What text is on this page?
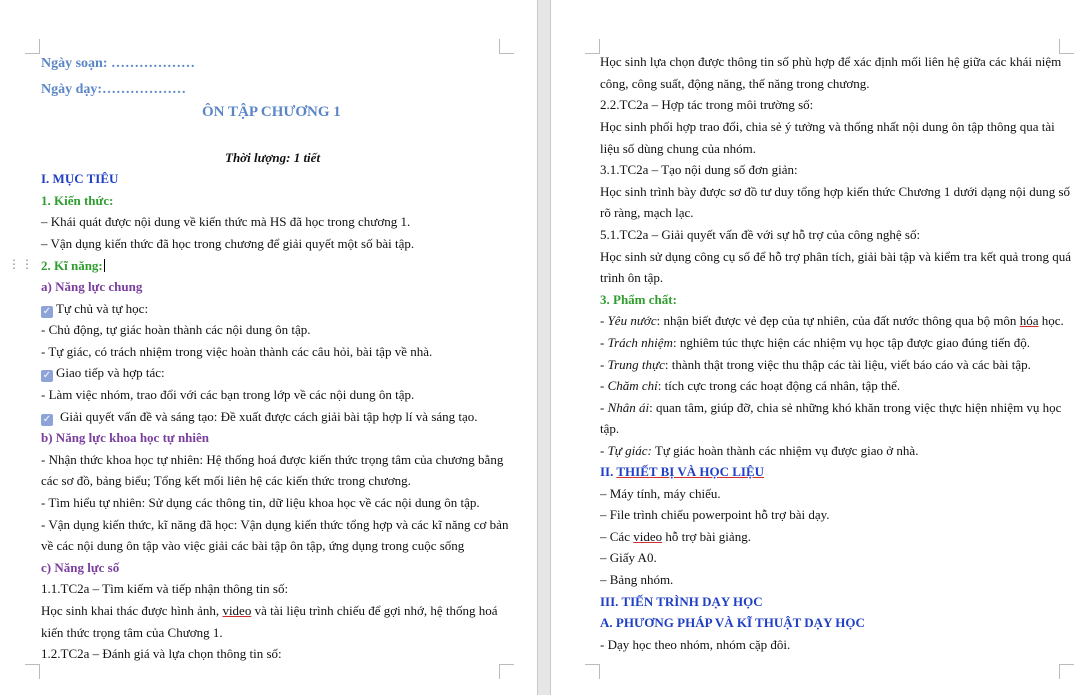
⋮⋮
Ngày soạn: ………………
Ngày dạy:………………
ÔN TẬP CHƯƠNG 1
Thời lượng: 1 tiết
I. MỤC TIÊU
1. Kiến thức:
– Khái quát được nội dung về kiến thức mà HS đã học trong chương 1.
– Vận dụng kiến thức đã học trong chương để giải quyết một số bài tập.
2. Kĩ năng:
a) Năng lực chung
✓ Tự chủ và tự học:
- Chủ động, tự giác hoàn thành các nội dung ôn tập.
- Tự giác, có trách nhiệm trong việc hoàn thành các câu hỏi, bài tập về nhà.
✓ Giao tiếp và hợp tác:
- Làm việc nhóm, trao đổi với các bạn trong lớp về các nội dung ôn tập.
✓ Giải quyết vấn đề và sáng tạo: Đề xuất được cách giải bài tập hợp lí và sáng tạo.
b) Năng lực khoa học tự nhiên
- Nhận thức khoa học tự nhiên: Hệ thống hoá được kiến thức trọng tâm của chương bằng
các sơ đồ, bảng biểu; Tổng kết mối liên hệ các kiến thức trong chương.
- Tìm hiểu tự nhiên: Sử dụng các thông tin, dữ liệu khoa học về các nội dung ôn tập.
- Vận dụng kiến thức, kĩ năng đã học: Vận dụng kiến thức tổng hợp và các kĩ năng cơ bản
về các nội dung ôn tập vào việc giải các bài tập ôn tập, ứng dụng trong cuộc sống
c) Năng lực số
1.1.TC2a – Tìm kiếm và tiếp nhận thông tin số:
Học sinh khai thác được hình ảnh, video và tài liệu trình chiếu để gợi nhớ, hệ thống hoá
kiến thức trọng tâm của Chương 1.
1.2.TC2a – Đánh giá và lựa chọn thông tin số:
Học sinh lựa chọn được thông tin số phù hợp để xác định mối liên hệ giữa các khái niệm
công, công suất, động năng, thế năng trong chương.
2.2.TC2a – Hợp tác trong môi trường số:
Học sinh phối hợp trao đổi, chia sẻ ý tưởng và thống nhất nội dung ôn tập thông qua tài
liệu số dùng chung của nhóm.
3.1.TC2a – Tạo nội dung số đơn giản:
Học sinh trình bày được sơ đồ tư duy tổng hợp kiến thức Chương 1 dưới dạng nội dung số
rõ ràng, mạch lạc.
5.1.TC2a – Giải quyết vấn đề với sự hỗ trợ của công nghệ số:
Học sinh sử dụng công cụ số để hỗ trợ phân tích, giải bài tập và kiểm tra kết quả trong quá
trình ôn tập.
3. Phẩm chất:
- Yêu nước: nhận biết được vẻ đẹp của tự nhiên, của đất nước thông qua bộ môn hóa học.
- Trách nhiệm: nghiêm túc thực hiện các nhiệm vụ học tập được giao đúng tiến độ.
- Trung thực: thành thật trong việc thu thập các tài liệu, viết báo cáo và các bài tập.
- Chăm chỉ: tích cực trong các hoạt động cá nhân, tập thể.
- Nhân ái: quan tâm, giúp đỡ, chia sẻ những khó khăn trong việc thực hiện nhiệm vụ học
tập.
- Tự giác: Tự giác hoàn thành các nhiệm vụ được giao ở nhà.
II. THIẾT BỊ VÀ HỌC LIỆU
– Máy tính, máy chiếu.
– File trình chiếu powerpoint hỗ trợ bài dạy.
– Các video hỗ trợ bài giảng.
– Giấy A0.
– Bảng nhóm.
III. TIẾN TRÌNH DẠY HỌC
A. PHƯƠNG PHÁP VÀ KĨ THUẬT DẠY HỌC
- Dạy học theo nhóm, nhóm cặp đôi.
